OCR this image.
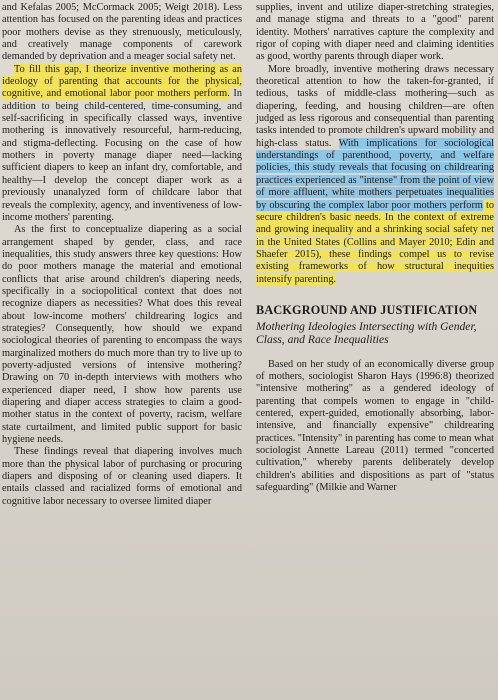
and Kefalas 2005; McCormack 2005; Weigt 2018). Less attention has focused on the parenting ideas and practices poor mothers devise as they strenuously, meticulously, and creatively manage components of carework demanded by deprivation and a meager social safety net.

To fill this gap, I theorize inventive mothering as an ideology of parenting that accounts for the physical, cognitive, and emotional labor poor mothers perform. In addition to being child-centered, time-consuming, and self-sacrificing in specifically classed ways, inventive mothering is innovatively resourceful, harm-reducing, and stigma-deflecting. Focusing on the case of how mothers in poverty manage diaper need—lacking sufficient diapers to keep an infant dry, comfortable, and healthy—I develop the concept diaper work as a previously unanalyzed form of childcare labor that reveals the complexity, agency, and inventiveness of low-income mothers' parenting.

As the first to conceptualize diapering as a social arrangement shaped by gender, class, and race inequalities, this study answers three key questions: How do poor mothers manage the material and emotional conflicts that arise around children's diapering needs, specifically in a sociopolitical context that does not recognize diapers as necessities? What does this reveal about low-income mothers' childrearing logics and strategies? Consequently, how should we expand sociological theories of parenting to encompass the ways marginalized mothers do much more than try to live up to poverty-adjusted versions of intensive mothering? Drawing on 70 in-depth interviews with mothers who experienced diaper need, I show how parents use diapering and diaper access strategies to claim a good-mother status in the context of poverty, racism, welfare state curtailment, and limited public support for basic hygiene needs.

These findings reveal that diapering involves much more than the physical labor of purchasing or procuring diapers and disposing of or cleaning used diapers. It entails classed and racialized forms of emotional and cognitive labor necessary to oversee limited diaper

supplies, invent and utilize diaper-stretching strategies, and manage stigma and threats to a "good" parent identity. Mothers' narratives capture the complexity and rigor of coping with diaper need and claiming identities as good, worthy parents through diaper work.

More broadly, inventive mothering draws necessary theoretical attention to how the taken-for-granted, if tedious, tasks of middle-class mothering—such as diapering, feeding, and housing children—are often judged as less rigorous and consequential than parenting tasks intended to promote children's upward mobility and high-class status. With implications for sociological understandings of parenthood, poverty, and welfare policies, this study reveals that focusing on childrearing practices experienced as "intense" from the point of view of more affluent, white mothers perpetuates inequalities by obscuring the complex labor poor mothers perform to secure children's basic needs. In the context of extreme and growing inequality and a shrinking social safety net in the United States (Collins and Mayer 2010; Edin and Shaefer 2015), these findings compel us to revise existing frameworks of how structural inequities intensify parenting.

BACKGROUND AND JUSTIFICATION
Mothering Ideologies Intersecting with Gender, Class, and Race Inequalities

Based on her study of an economically diverse group of mothers, sociologist Sharon Hays (1996:8) theorized "intensive mothering" as a gendered ideology of parenting that compels women to engage in "child-centered, expert-guided, emotionally absorbing, labor-intensive, and financially expensive" childrearing practices. "Intensity" in parenting has come to mean what sociologist Annette Lareau (2011) termed "concerted cultivation," whereby parents deliberately develop children's abilities and dispositions as part of "status safeguarding" (Milkie and Warner
